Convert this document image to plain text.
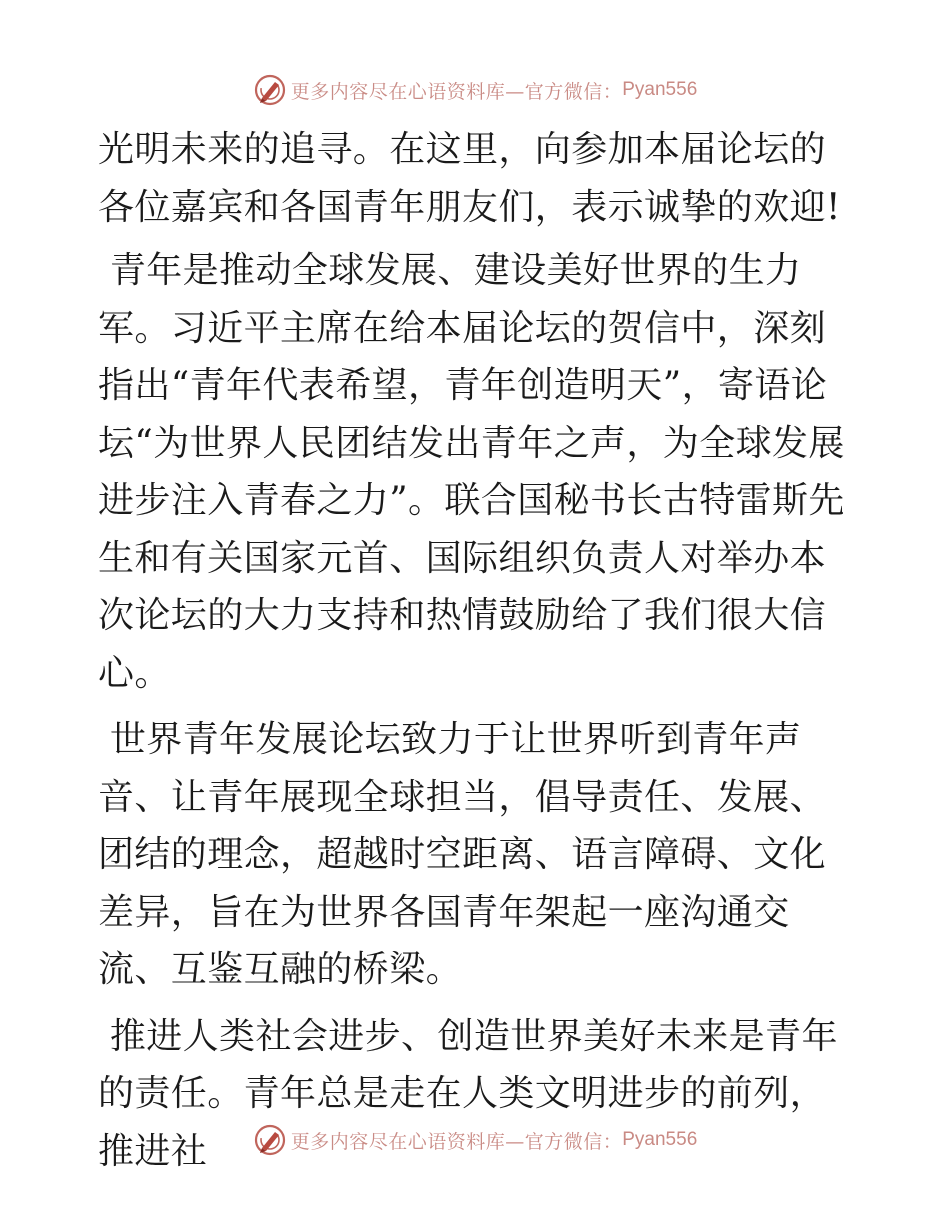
更多内容尽在心语资料库—官方微信： Pyan556

光明未来的追寻。在这里，向参加本届论坛的各位嘉宾和各国青年朋友们，表示诚挚的欢迎!

青年是推动全球发展、建设美好世界的生力军。习近平主席在给本届论坛的贺信中，深刻指出“青年代表希望，青年创造明天”，寄语论坛“为世界人民团结发出青年之声，为全球发展进步注入青春之力”。联合国秘书长古特雷斯先生和有关国家元首、国际组织负责人对举办本次论坛的大力支持和热情鼓励给了我们很大信心。

世界青年发展论坛致力于让世界听到青年声音、让青年展现全球担当，倡导责任、发展、团结的理念，超越时空距离、语言障碍、文化差异，旨在为世界各国青年架起一座沟通交流、互鉴互融的桥梁。

推进人类社会进步、创造世界美好未来是青年的责任。青年总是走在人类文明进步的前列，推进社	更多内容尽在心语资料库—官方微信： Pyan556
